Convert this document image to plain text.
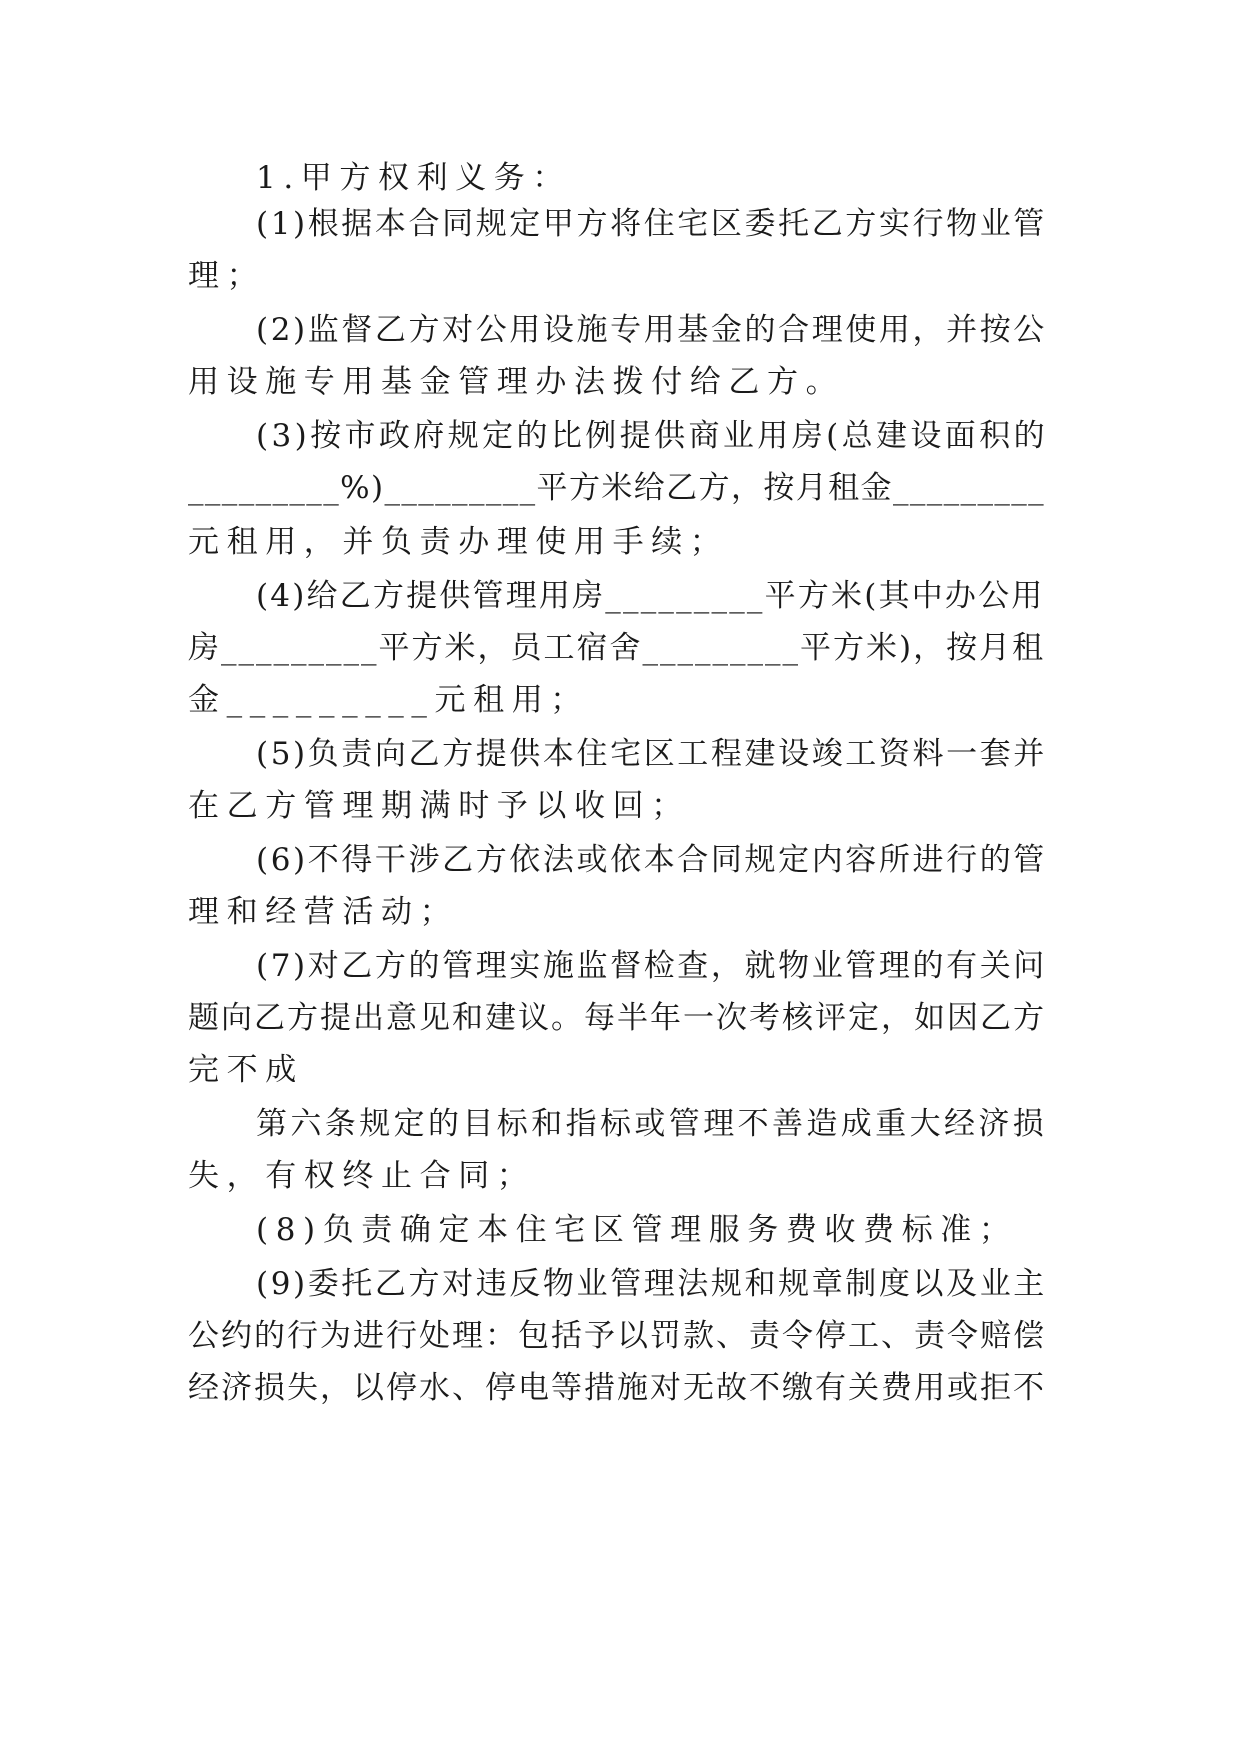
1.甲方权利义务：
(1)根据本合同规定甲方将住宅区委托乙方实行物业管
理；
(2)监督乙方对公用设施专用基金的合理使用，并按公
用设施专用基金管理办法拨付给乙方。
(3)按市政府规定的比例提供商业用房(总建设面积的
_________%)_________平方米给乙方，按月租金_________
元租用，并负责办理使用手续；
(4)给乙方提供管理用房_________平方米(其中办公用
房_________平方米，员工宿舍_________平方米)，按月租
金_________元租用；
(5)负责向乙方提供本住宅区工程建设竣工资料一套并
在乙方管理期满时予以收回；
(6)不得干涉乙方依法或依本合同规定内容所进行的管
理和经营活动；
(7)对乙方的管理实施监督检查，就物业管理的有关问
题向乙方提出意见和建议。每半年一次考核评定，如因乙方
完不成
第六条规定的目标和指标或管理不善造成重大经济损
失，有权终止合同；
(8)负责确定本住宅区管理服务费收费标准；
(9)委托乙方对违反物业管理法规和规章制度以及业主
公约的行为进行处理：包括予以罚款、责令停工、责令赔偿
经济损失，以停水、停电等措施对无故不缴有关费用或拒不
